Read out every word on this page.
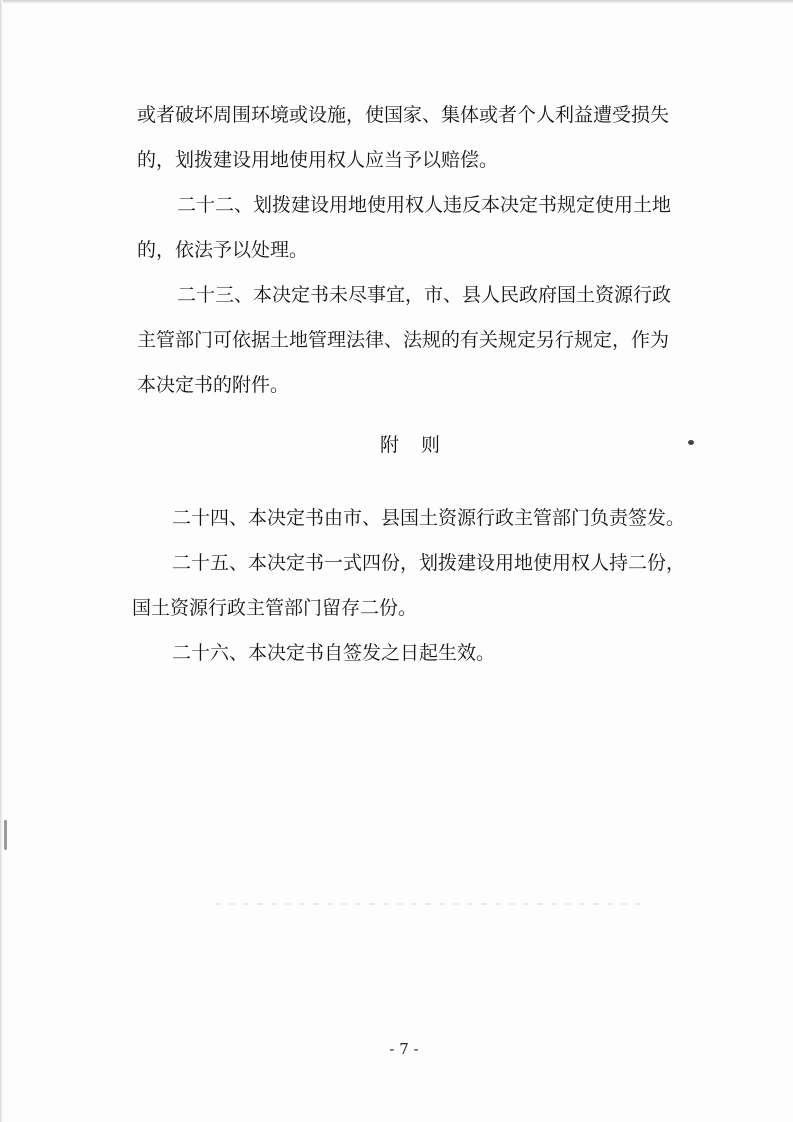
或者破坏周围环境或设施，使国家、集体或者个人利益遭受损失
的，划拨建设用地使用权人应当予以赔偿。
二十二、划拨建设用地使用权人违反本决定书规定使用土地
的，依法予以处理。
二十三、本决定书未尽事宜，市、县人民政府国土资源行政
主管部门可依据土地管理法律、法规的有关规定另行规定，作为
本决定书的附件。
附则
二十四、本决定书由市、县国土资源行政主管部门负责签发。
二十五、本决定书一式四份，划拨建设用地使用权人持二份，
国土资源行政主管部门留存二份。
二十六、本决定书自签发之日起生效。
- 7 -
